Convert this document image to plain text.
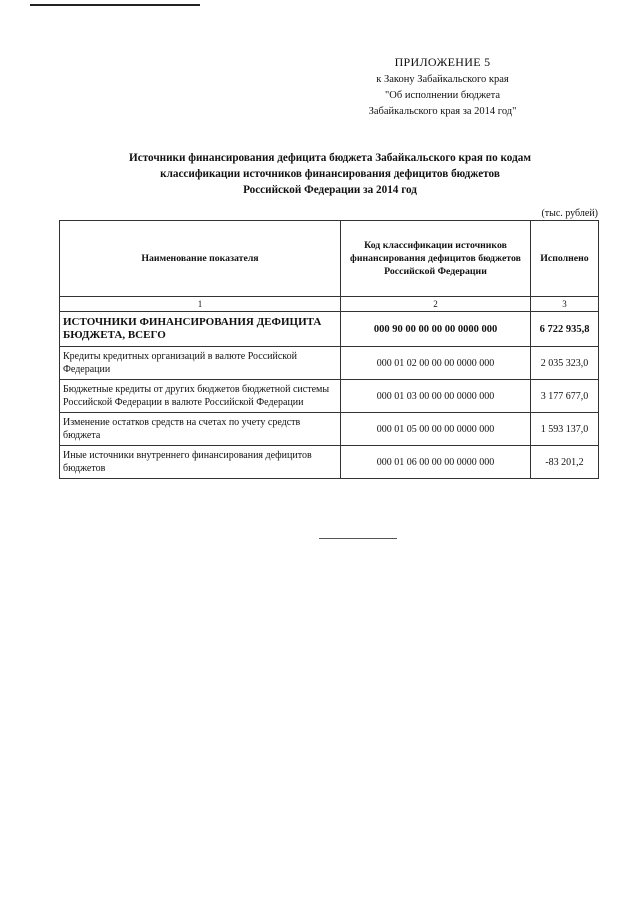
ПРИЛОЖЕНИЕ 5
к Закону Забайкальского края
"Об исполнении бюджета
Забайкальского края за 2014 год"
Источники финансирования дефицита бюджета Забайкальского края по кодам
классификации источников финансирования дефицитов бюджетов
Российской Федерации за 2014 год
(тыс. рублей)
Наименование показателя	Код классификации источников финансирования дефицитов бюджетов Российской Федерации	Исполнено
1	2	3
ИСТОЧНИКИ ФИНАНСИРОВАНИЯ ДЕФИЦИТА БЮДЖЕТА, ВСЕГО	000 90 00 00 00 00 0000 000	6 722 935,8
Кредиты кредитных организаций в валюте Российской Федерации	000 01 02 00 00 00 0000 000	2 035 323,0
Бюджетные кредиты от других бюджетов бюджетной системы Российской Федерации в валюте Российской Федерации	000 01 03 00 00 00 0000 000	3 177 677,0
Изменение остатков средств на счетах по учету средств бюджета	000 01 05 00 00 00 0000 000	1 593 137,0
Иные источники внутреннего финансирования дефицитов бюджетов	000 01 06 00 00 00 0000 000	-83 201,2
